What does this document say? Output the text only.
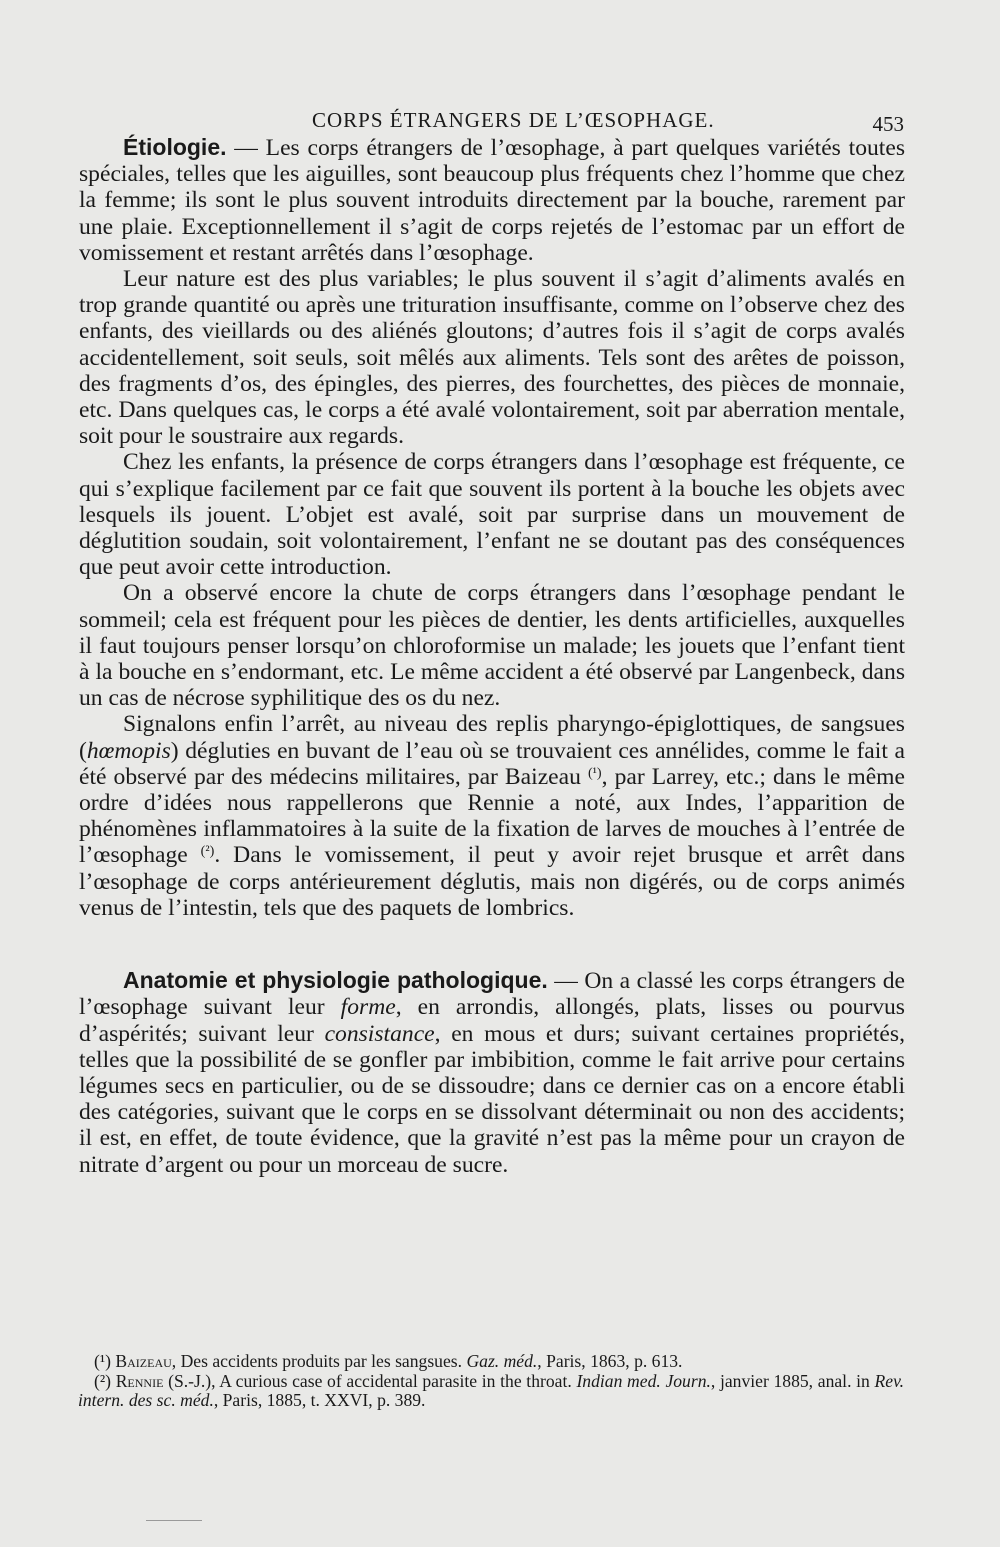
CORPS ÉTRANGERS DE L’ŒSOPHAGE.	453

Étiologie. — Les corps étrangers de l’œsophage, à part quelques variétés toutes spéciales, telles que les aiguilles, sont beaucoup plus fréquents chez l’homme que chez la femme; ils sont le plus souvent introduits directement par la bouche, rarement par une plaie. Exceptionnellement il s’agit de corps rejetés de l’estomac par un effort de vomissement et restant arrêtés dans l’œsophage.

Leur nature est des plus variables; le plus souvent il s’agit d’aliments avalés en trop grande quantité ou après une trituration insuffisante, comme on l’observe chez des enfants, des vieillards ou des aliénés gloutons; d’autres fois il s’agit de corps avalés accidentellement, soit seuls, soit mêlés aux aliments. Tels sont des arêtes de poisson, des fragments d’os, des épingles, des pierres, des fourchettes, des pièces de monnaie, etc. Dans quelques cas, le corps a été avalé volontairement, soit par aberration mentale, soit pour le soustraire aux regards.

Chez les enfants, la présence de corps étrangers dans l’œsophage est fréquente, ce qui s’explique facilement par ce fait que souvent ils portent à la bouche les objets avec lesquels ils jouent. L’objet est avalé, soit par surprise dans un mouvement de déglutition soudain, soit volontairement, l’enfant ne se doutant pas des conséquences que peut avoir cette introduction.

On a observé encore la chute de corps étrangers dans l’œsophage pendant le sommeil; cela est fréquent pour les pièces de dentier, les dents artificielles, auxquelles il faut toujours penser lorsqu’on chloroformise un malade; les jouets que l’enfant tient à la bouche en s’endormant, etc. Le même accident a été observé par Langenbeck, dans un cas de nécrose syphilitique des os du nez.

Signalons enfin l’arrêt, au niveau des replis pharyngo-épiglottiques, de sangsues (hœmopis) dégluties en buvant de l’eau où se trouvaient ces annélides, comme le fait a été observé par des médecins militaires, par Baizeau $^{(^1)}$, par Larrey, etc.; dans le même ordre d’idées nous rappellerons que Rennie a noté, aux Indes, l’apparition de phénomènes inflammatoires à la suite de la fixation de larves de mouches à l’entrée de l’œsophage $^{(^2)}$. Dans le vomissement, il peut y avoir rejet brusque et arrêt dans l’œsophage de corps antérieurement déglutis, mais non digérés, ou de corps animés venus de l’intestin, tels que des paquets de lombrics.

Anatomie et physiologie pathologique. — On a classé les corps étrangers de l’œsophage suivant leur forme, en arrondis, allongés, plats, lisses ou pourvus d’aspérités; suivant leur consistance, en mous et durs; suivant certaines propriétés, telles que la possibilité de se gonfler par imbibition, comme le fait arrive pour certains légumes secs en particulier, ou de se dissoudre; dans ce dernier cas on a encore établi des catégories, suivant que le corps en se dissolvant déterminait ou non des accidents; il est, en effet, de toute évidence, que la gravité n’est pas la même pour un crayon de nitrate d’argent ou pour un morceau de sucre.

(¹) Baizeau, Des accidents produits par les sangsues. Gaz. méd., Paris, 1863, p. 613.

(²) Rennie (S.-J.), A curious case of accidental parasite in the throat. Indian med. Journ., janvier 1885, anal. in Rev. intern. des sc. méd., Paris, 1885, t. XXVI, p. 389.
